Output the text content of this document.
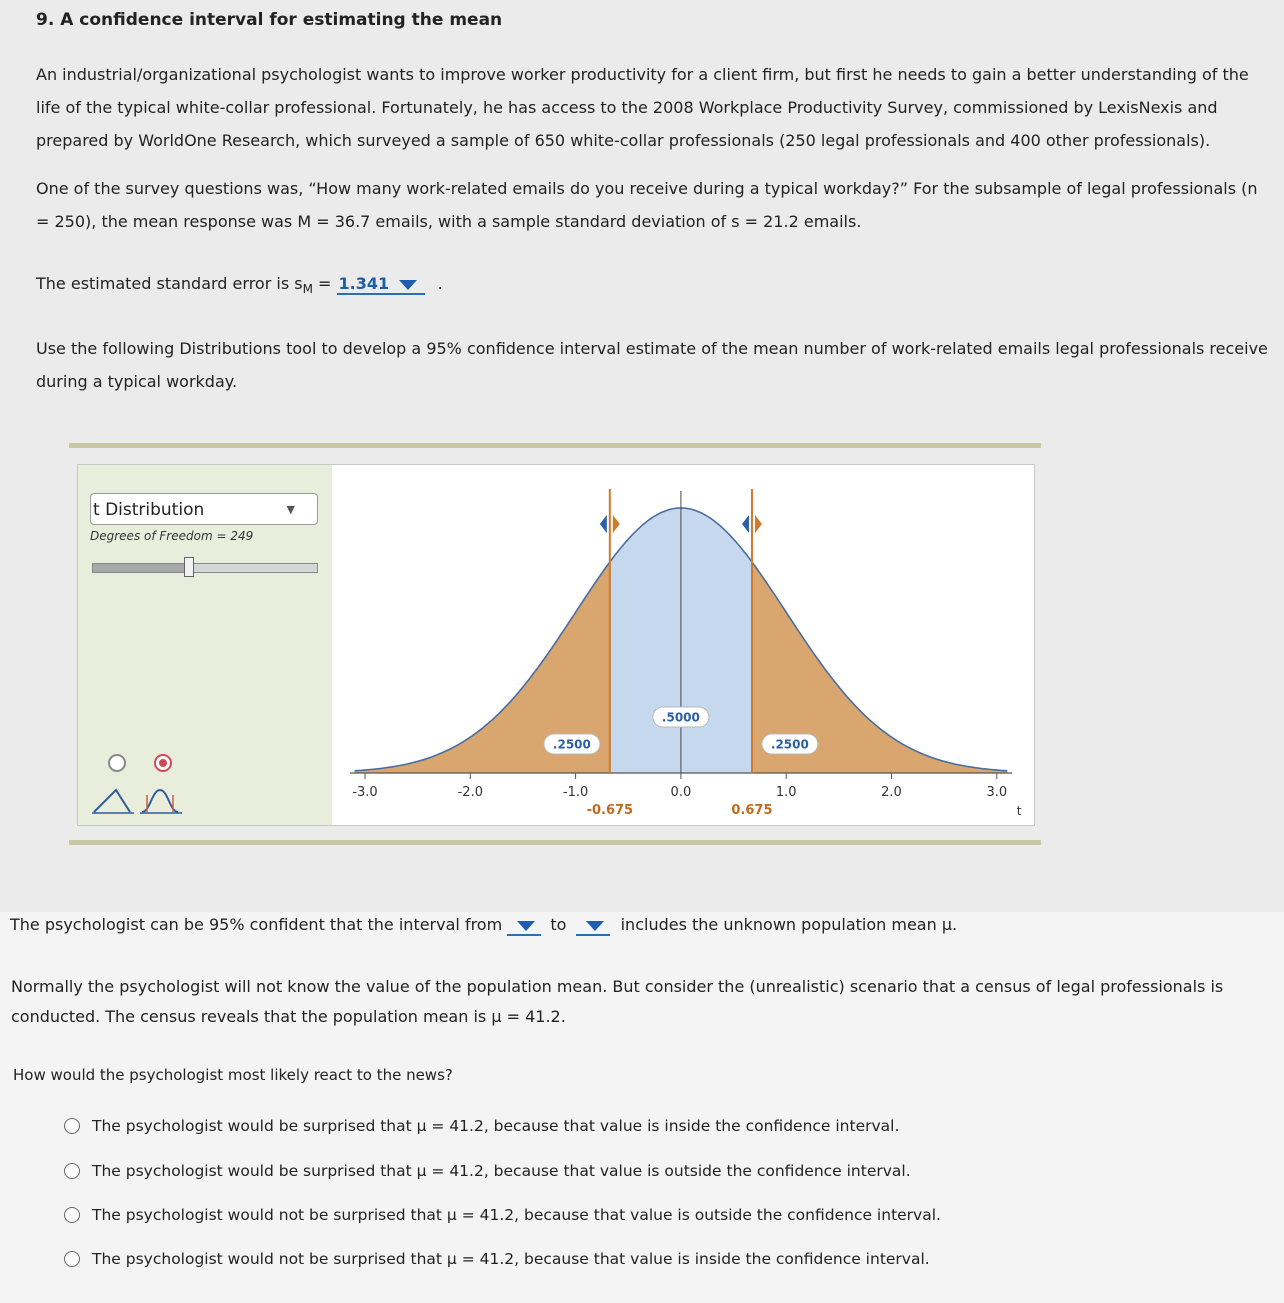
9. A confidence interval for estimating the mean
An industrial/organizational psychologist wants to improve worker productivity for a client firm, but first he needs to gain a better understanding of the life of the typical white-collar professional. Fortunately, he has access to the 2008 Workplace Productivity Survey, commissioned by LexisNexis and prepared by WorldOne Research, which surveyed a sample of 650 white-collar professionals (250 legal professionals and 400 other professionals).
One of the survey questions was, “How many work-related emails do you receive during a typical workday?” For the subsample of legal professionals (n = 250), the mean response was M = 36.7 emails, with a sample standard deviation of s = 21.2 emails.
The estimated standard error is $s_M = 1.341$	.
Use the following Distributions tool to develop a 95% confidence interval estimate of the mean number of work-related emails legal professionals receive during a typical workday.
t Distribution	▼
Degrees of Freedom = 249
-3.0	-2.0	-1.0	0.0	1.0	2.0	3.0
-0.675	0.675
.2500
.5000
.2500
t
The psychologist can be 95% confident that the interval from	to	includes the unknown population mean μ.
Normally the psychologist will not know the value of the population mean. But consider the (unrealistic) scenario that a census of legal professionals is conducted. The census reveals that the population mean is μ = 41.2.
How would the psychologist most likely react to the news?
The psychologist would be surprised that μ = 41.2, because that value is inside the confidence interval.
The psychologist would be surprised that μ = 41.2, because that value is outside the confidence interval.
The psychologist would not be surprised that μ = 41.2, because that value is outside the confidence interval.
The psychologist would not be surprised that μ = 41.2, because that value is inside the confidence interval.
